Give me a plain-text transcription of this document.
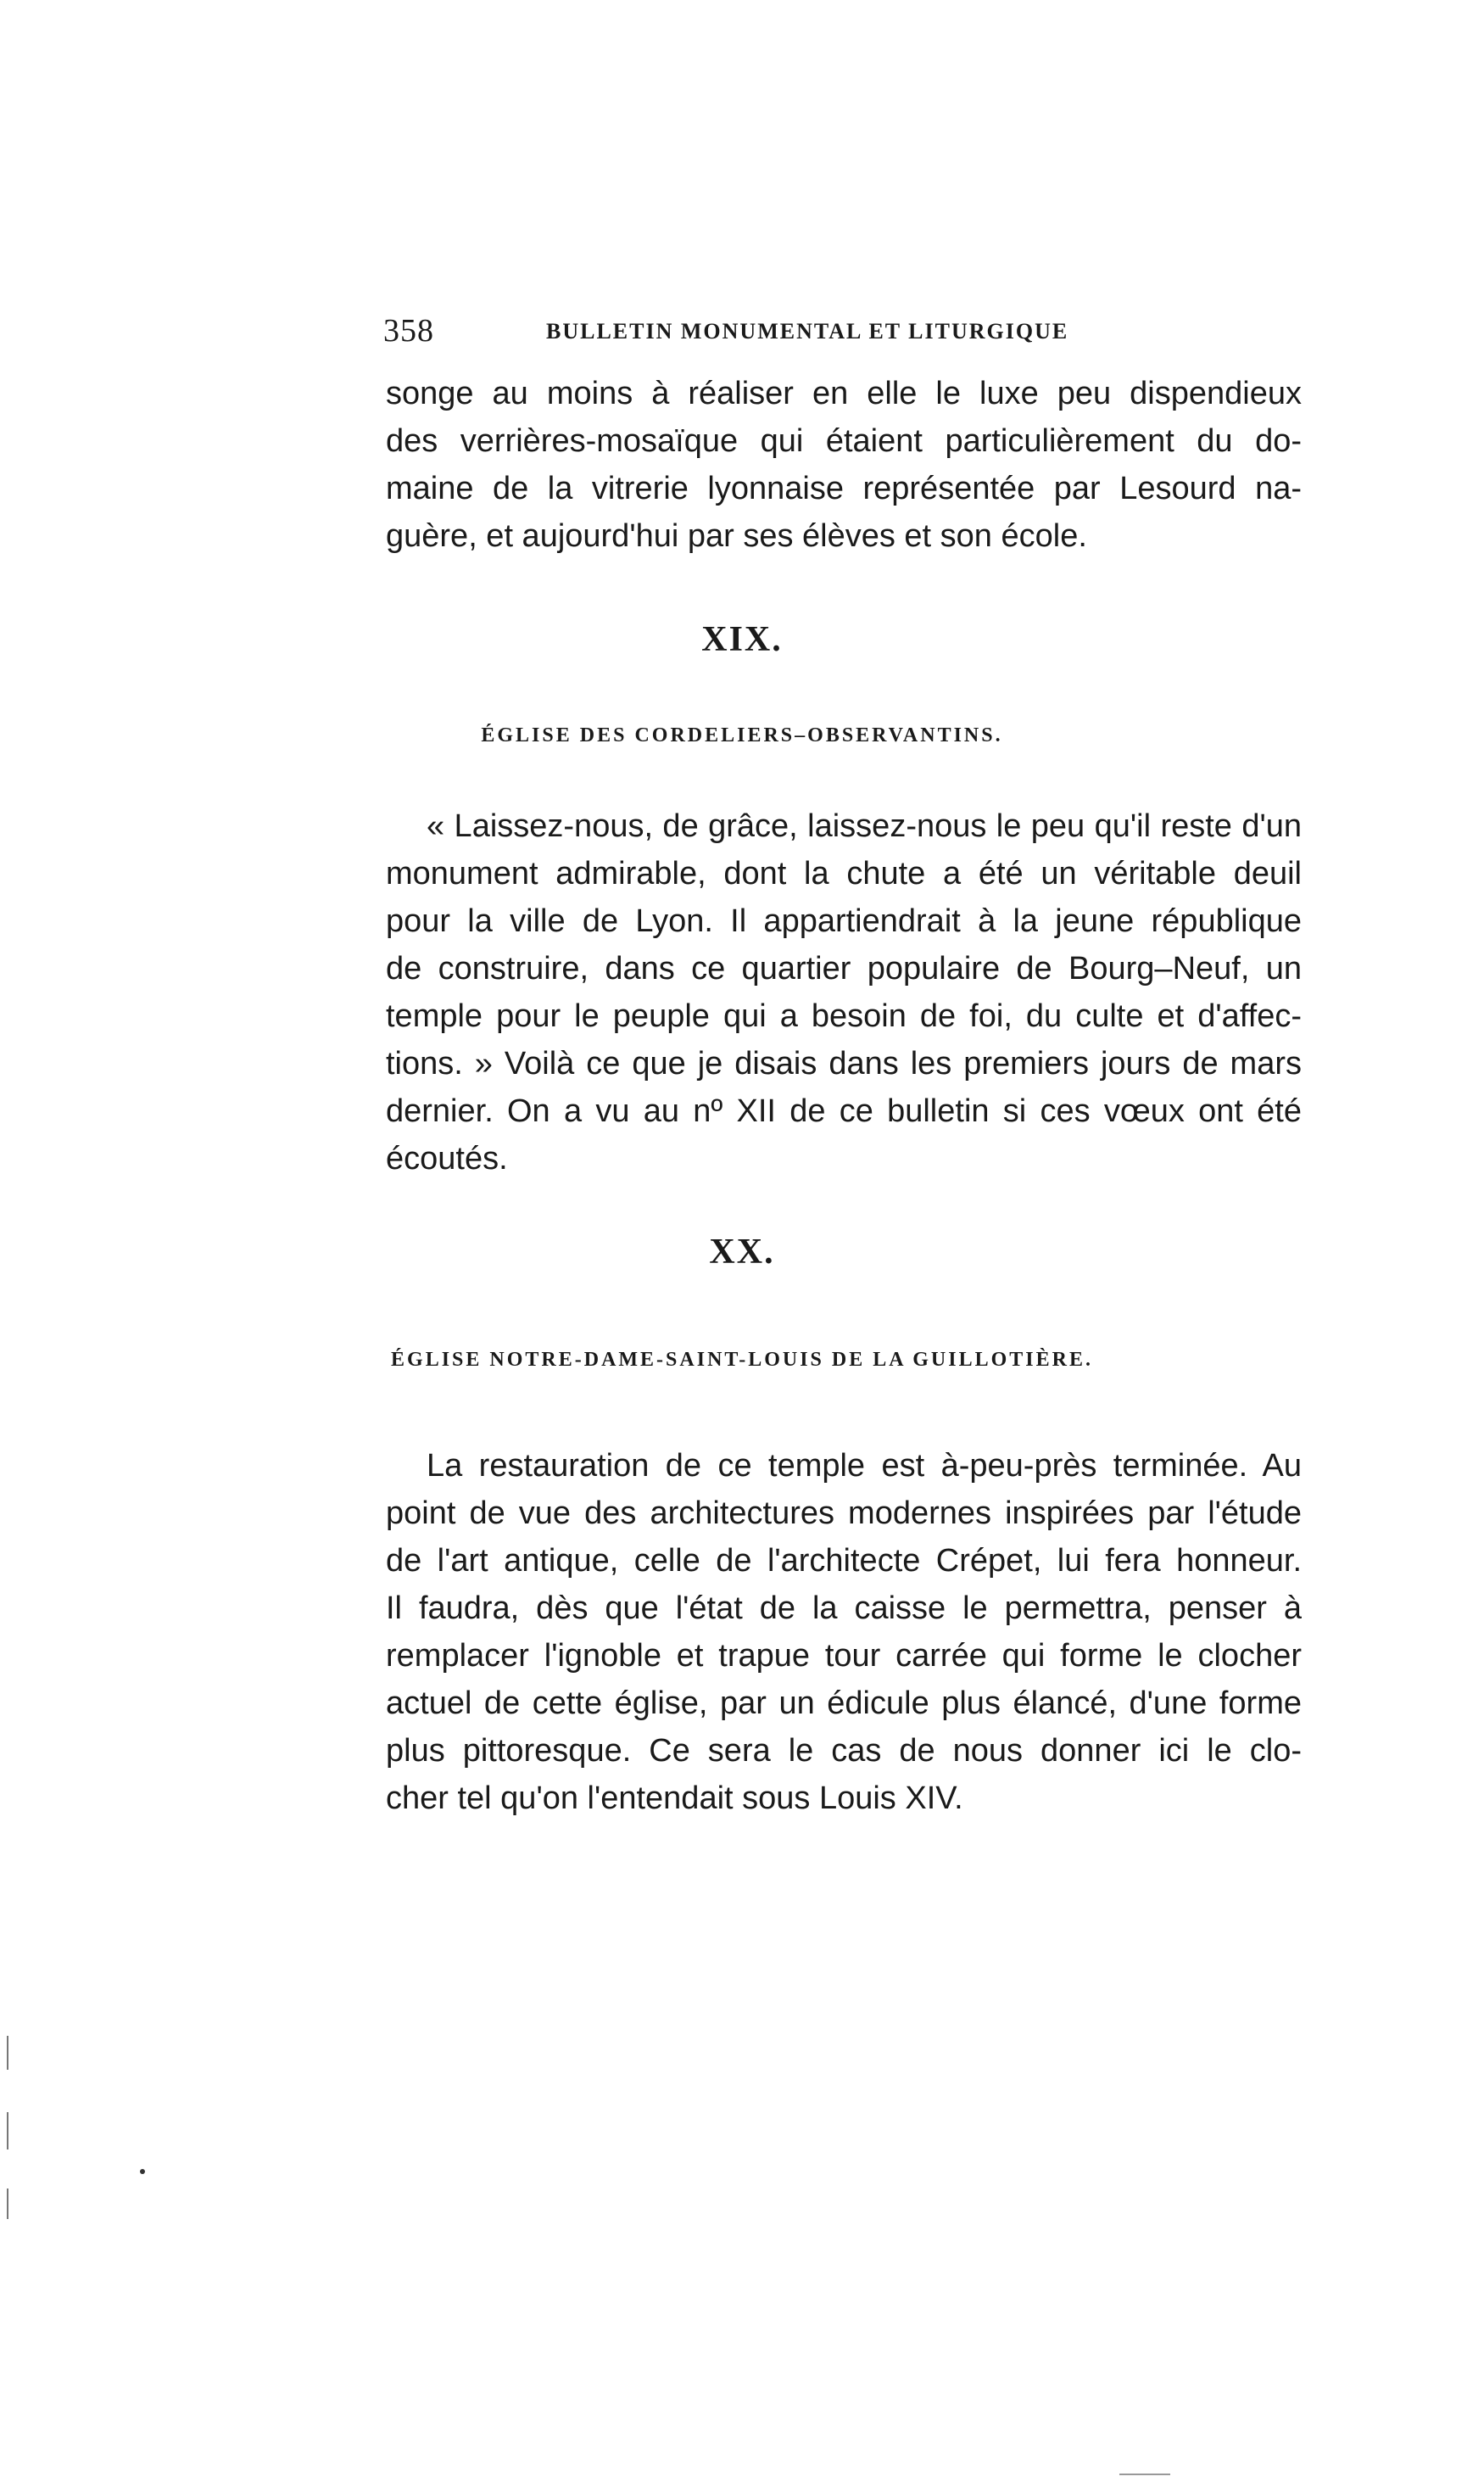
358	BULLETIN MONUMENTAL ET LITURGIQUE
songe au moins à réaliser en elle le luxe peu dispendieux
des verrières-mosaïque qui étaient particulièrement du do-
maine de la vitrerie lyonnaise représentée par Lesourd na-
guère, et aujourd'hui par ses élèves et son école.
XIX.
ÉGLISE DES CORDELIERS–OBSERVANTINS.
« Laissez-nous, de grâce, laissez-nous le peu qu'il reste d'un
monument admirable, dont la chute a été un véritable deuil
pour la ville de Lyon. Il appartiendrait à la jeune république
de construire, dans ce quartier populaire de Bourg–Neuf, un
temple pour le peuple qui a besoin de foi, du culte et d'affec-
tions. » Voilà ce que je disais dans les premiers jours de mars
dernier. On a vu au nº XII de ce bulletin si ces vœux ont été
écoutés.
XX.
ÉGLISE NOTRE-DAME-SAINT-LOUIS DE LA GUILLOTIÈRE.
La restauration de ce temple est à-peu-près terminée. Au
point de vue des architectures modernes inspirées par l'étude
de l'art antique, celle de l'architecte Crépet, lui fera honneur.
Il faudra, dès que l'état de la caisse le permettra, penser à
remplacer l'ignoble et trapue tour carrée qui forme le clocher
actuel de cette église, par un édicule plus élancé, d'une forme
plus pittoresque. Ce sera le cas de nous donner ici le clo-
cher tel qu'on l'entendait sous Louis XIV.
